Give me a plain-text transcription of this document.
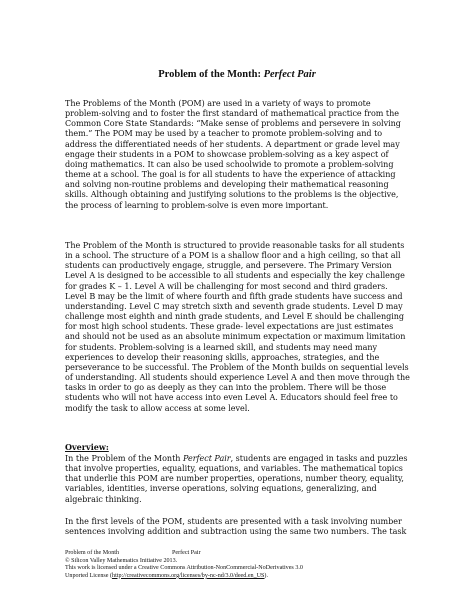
Problem of the Month: Perfect Pair

The Problems of the Month (POM) are used in a variety of ways to promote
problem-solving and to foster the first standard of mathematical practice from the
Common Core State Standards: “Make sense of problems and persevere in solving
them.” The POM may be used by a teacher to promote problem-solving and to
address the differentiated needs of her students. A department or grade level may
engage their students in a POM to showcase problem-solving as a key aspect of
doing mathematics. It can also be used schoolwide to promote a problem-solving
theme at a school. The goal is for all students to have the experience of attacking
and solving non-routine problems and developing their mathematical reasoning
skills. Although obtaining and justifying solutions to the problems is the objective,
the process of learning to problem-solve is even more important.

The Problem of the Month is structured to provide reasonable tasks for all students
in a school. The structure of a POM is a shallow floor and a high ceiling, so that all
students can productively engage, struggle, and persevere. The Primary Version
Level A is designed to be accessible to all students and especially the key challenge
for grades K – 1. Level A will be challenging for most second and third graders.
Level B may be the limit of where fourth and fifth grade students have success and
understanding. Level C may stretch sixth and seventh grade students. Level D may
challenge most eighth and ninth grade students, and Level E should be challenging
for most high school students. These grade- level expectations are just estimates
and should not be used as an absolute minimum expectation or maximum limitation
for students. Problem-solving is a learned skill, and students may need many
experiences to develop their reasoning skills, approaches, strategies, and the
perseverance to be successful. The Problem of the Month builds on sequential levels
of understanding. All students should experience Level A and then move through the
tasks in order to go as deeply as they can into the problem. There will be those
students who will not have access into even Level A. Educators should feel free to
modify the task to allow access at some level.

Overview:

In the Problem of the Month Perfect Pair, students are engaged in tasks and puzzles
that involve properties, equality, equations, and variables. The mathematical topics
that underlie this POM are number properties, operations, number theory, equality,
variables, identities, inverse operations, solving equations, generalizing, and
algebraic thinking.

In the first levels of the POM, students are presented with a task involving number
sentences involving addition and subtraction using the same two numbers. The task

Problem of the Month	Perfect Pair
© Silicon Valley Mathematics Initiative 2013.
This work is licensed under a Creative Commons Attribution-NonCommercial-NoDerivatives 3.0
Unported License (http://creativecommons.org/licenses/by-nc-nd/3.0/deed.en_US).
